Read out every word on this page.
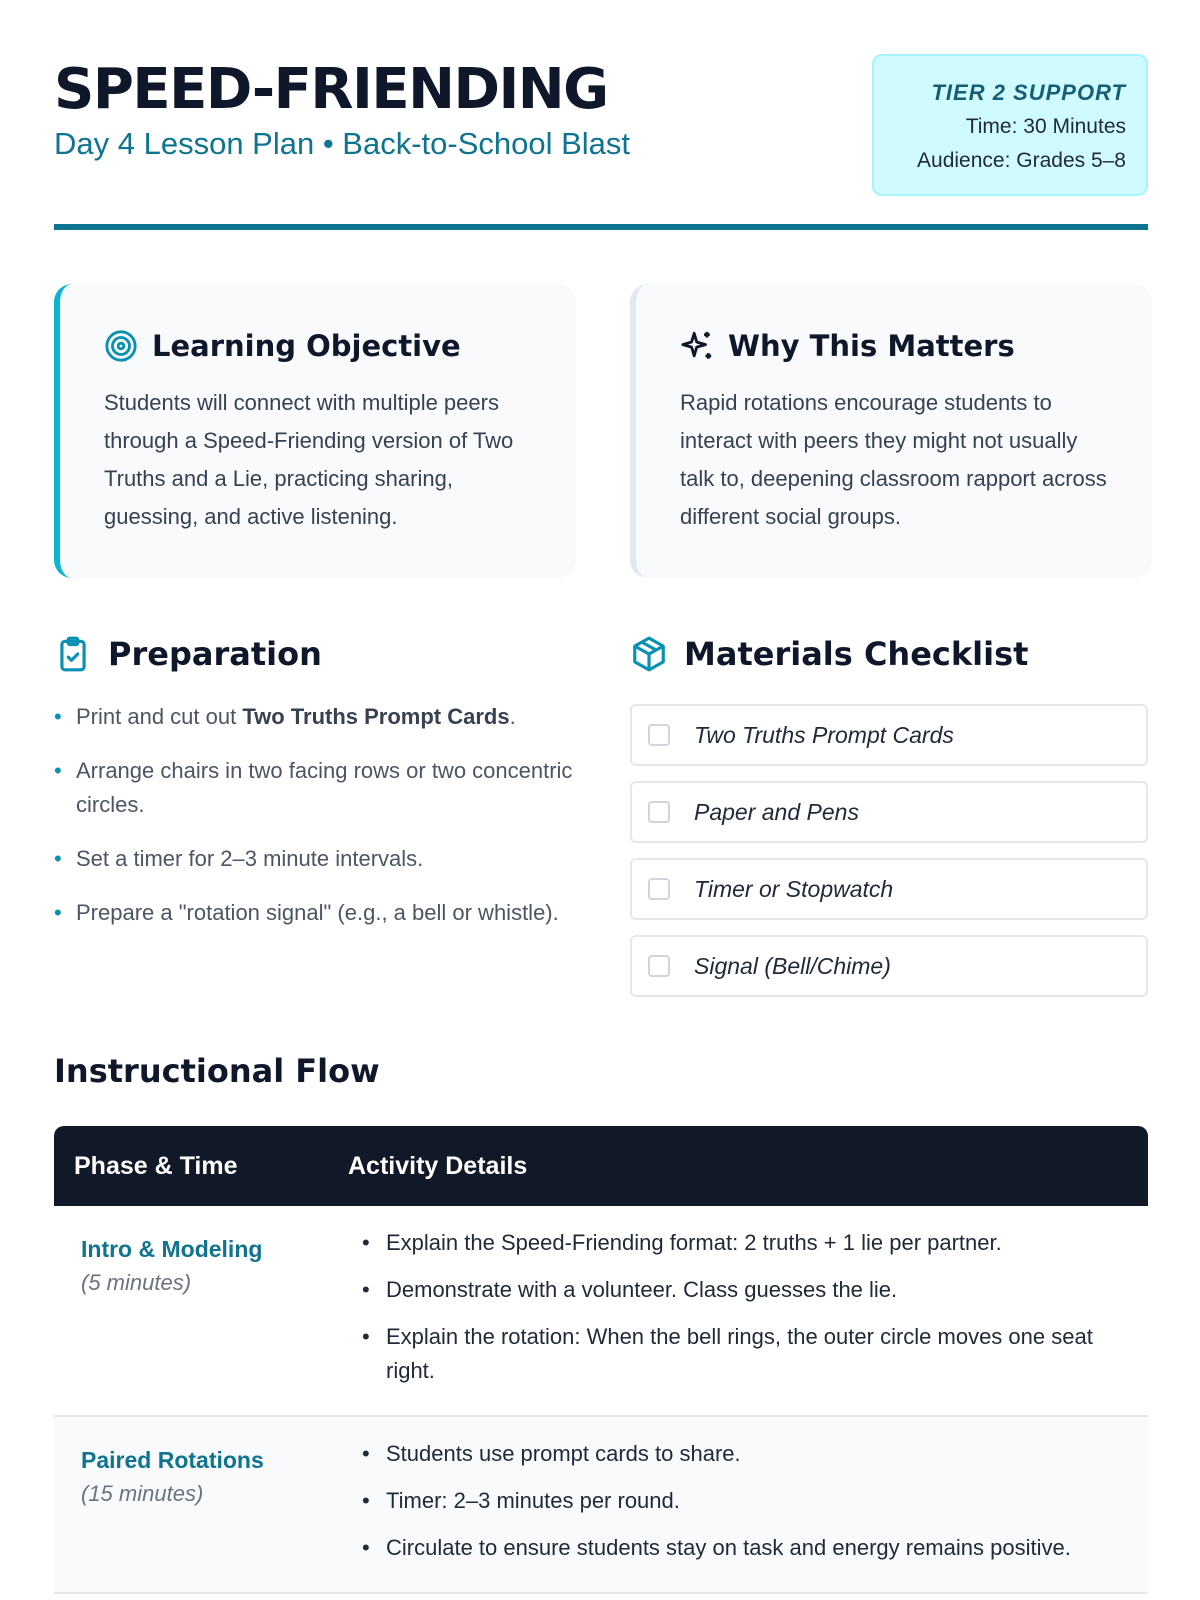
SPEED-FRIENDING
Day 4 Lesson Plan • Back-to-School Blast
TIER 2 SUPPORT
Time: 30 Minutes
Audience: Grades 5–8
Learning Objective
Students will connect with multiple peers through a Speed-Friending version of Two Truths and a Lie, practicing sharing, guessing, and active listening.
Why This Matters
Rapid rotations encourage students to interact with peers they might not usually talk to, deepening classroom rapport across different social groups.
Preparation
• Print and cut out Two Truths Prompt Cards.
• Arrange chairs in two facing rows or two concentric circles.
• Set a timer for 2–3 minute intervals.
• Prepare a "rotation signal" (e.g., a bell or whistle).
Materials Checklist
Two Truths Prompt Cards
Paper and Pens
Timer or Stopwatch
Signal (Bell/Chime)
Instructional Flow
Phase & Time	Activity Details
Intro & Modeling
(5 minutes)
• Explain the Speed-Friending format: 2 truths + 1 lie per partner.
• Demonstrate with a volunteer. Class guesses the lie.
• Explain the rotation: When the bell rings, the outer circle moves one seat right.
Paired Rotations
(15 minutes)
• Students use prompt cards to share.
• Timer: 2–3 minutes per round.
• Circulate to ensure students stay on task and energy remains positive.
